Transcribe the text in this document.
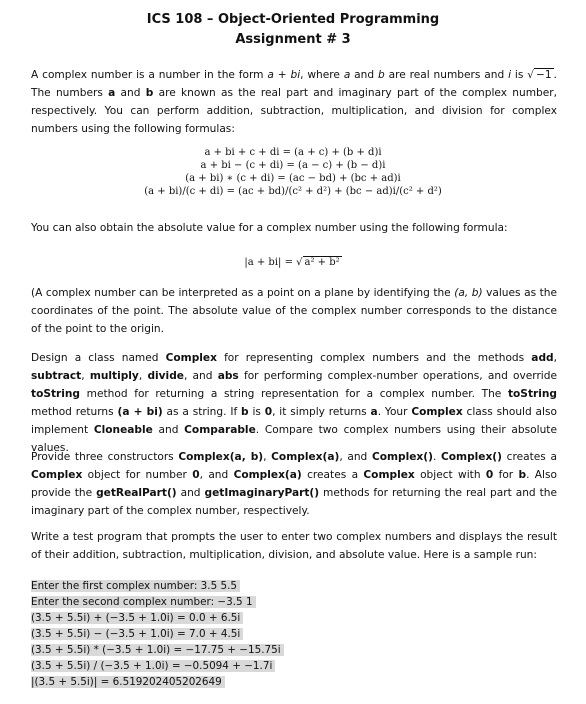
ICS 108 – Object-Oriented Programming
Assignment # 3

A complex number is a number in the form a + bi, where a and b are real numbers and i is √ −1 . The numbers a and b are known as the real part and imaginary part of the complex number, respectively. You can perform addition, subtraction, multiplication, and division for complex numbers using the following formulas:

a + bi + c + di = (a + c) + (b + d)i
a + bi − (c + di) = (a − c) + (b − d)i
(a + bi) ∗ (c + di) = (ac − bd) + (bc + ad)i
(a + bi)/(c + di) = (ac + bd)/(c² + d²) + (bc − ad)i/(c² + d²)

You can also obtain the absolute value for a complex number using the following formula:

|a + bi| = √ a² + b²

(A complex number can be interpreted as a point on a plane by identifying the (a, b) values as the coordinates of the point. The absolute value of the complex number corresponds to the distance of the point to the origin.

Design a class named Complex for representing complex numbers and the methods add, subtract, multiply, divide, and abs for performing complex-number operations, and override toString method for returning a string representation for a complex number. The toString method returns (a + bi) as a string. If b is 0, it simply returns a. Your Complex class should also implement Cloneable and Comparable. Compare two complex numbers using their absolute values.

Provide three constructors Complex(a, b), Complex(a), and Complex(). Complex() creates a Complex object for number 0, and Complex(a) creates a Complex object with 0 for b. Also provide the getRealPart() and getImaginaryPart() methods for returning the real part and the imaginary part of the complex number, respectively.

Write a test program that prompts the user to enter two complex numbers and displays the result of their addition, subtraction, multiplication, division, and absolute value. Here is a sample run:

Enter the first complex number: 3.5 5.5
Enter the second complex number: −3.5 1
(3.5 + 5.5i) + (−3.5 + 1.0i) = 0.0 + 6.5i
(3.5 + 5.5i) − (−3.5 + 1.0i) = 7.0 + 4.5i
(3.5 + 5.5i) * (−3.5 + 1.0i) = −17.75 + −15.75i
(3.5 + 5.5i) / (−3.5 + 1.0i) = −0.5094 + −1.7i
|(3.5 + 5.5i)| = 6.519202405202649
